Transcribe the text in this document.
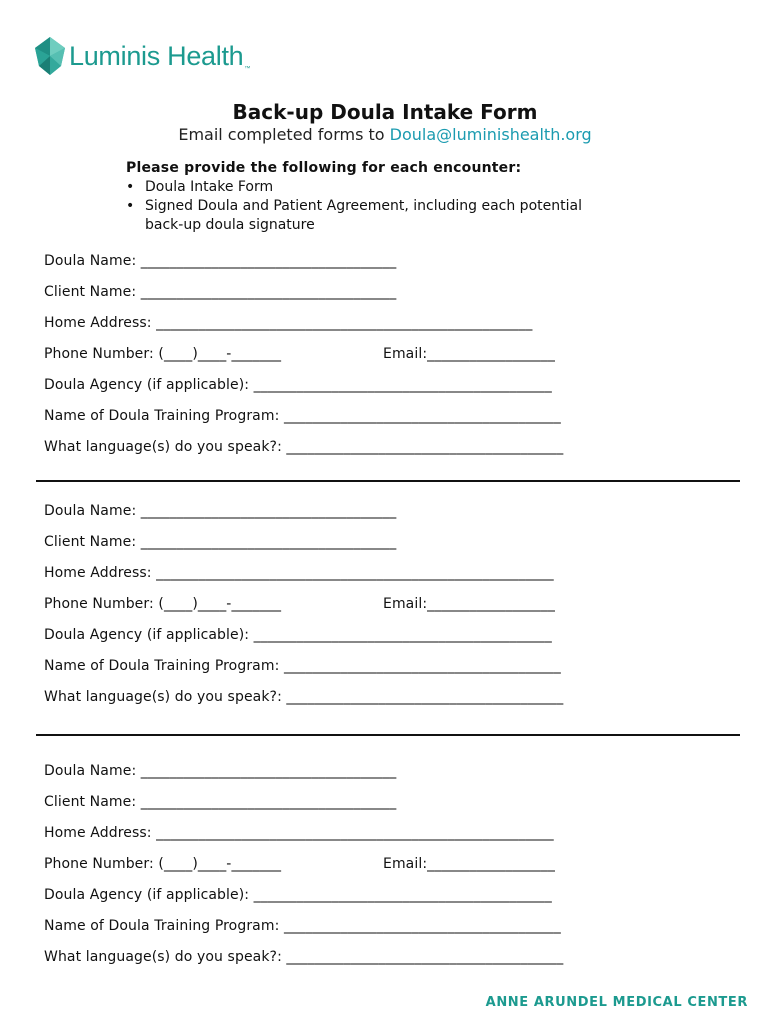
Luminis Health ™
Back-up Doula Intake Form
Email completed forms to Doula@luminishealth.org
Please provide the following for each encounter:
• Doula Intake Form
• Signed Doula and Patient Agreement, including each potential
back-up doula signature
Doula Name: ____________________________________
Client Name: ____________________________________
Home Address: _____________________________________________________
Phone Number: (____)____-_______	Email:__________________
Doula Agency (if applicable): __________________________________________
Name of Doula Training Program: _______________________________________
What language(s) do you speak?: _______________________________________
Doula Name: ____________________________________
Client Name: ____________________________________
Home Address: ________________________________________________________
Phone Number: (____)____-_______	Email:__________________
Doula Agency (if applicable): __________________________________________
Name of Doula Training Program: _______________________________________
What language(s) do you speak?: _______________________________________
Doula Name: ____________________________________
Client Name: ____________________________________
Home Address: ________________________________________________________
Phone Number: (____)____-_______	Email:__________________
Doula Agency (if applicable): __________________________________________
Name of Doula Training Program: _______________________________________
What language(s) do you speak?: _______________________________________
ANNE ARUNDEL MEDICAL CENTER
